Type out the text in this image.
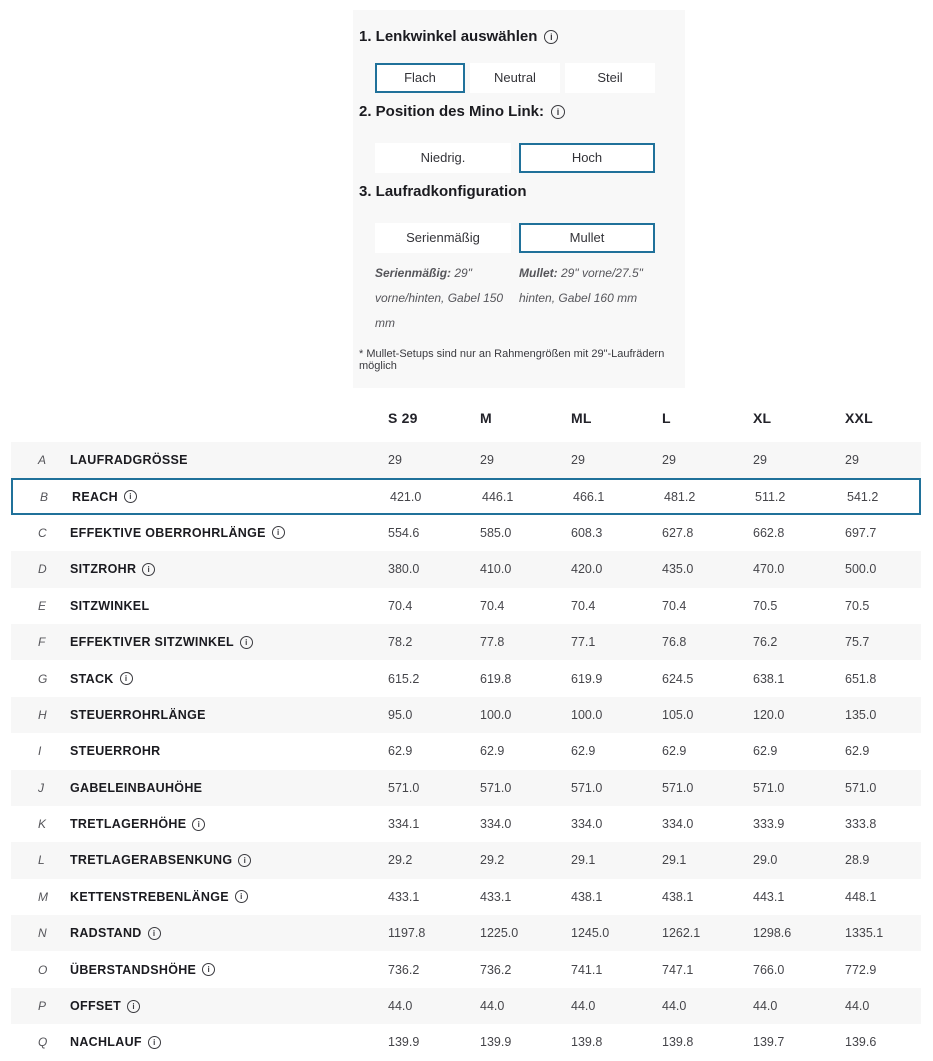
1. Lenkwinkel auswählen	i
Flach	Neutral	Steil
2. Position des Mino Link:	i
Niedrig.	Hoch
3. Laufradkonfiguration
Serienmäßig	Mullet
Serienmäßig: 29" vorne/hinten, Gabel 150 mm
Mullet: 29" vorne/27.5" hinten, Gabel 160 mm
* Mullet-Setups sind nur an Rahmengrößen mit 29"-Laufrädern möglich
S 29	M	ML	L	XL	XXL
A LAUFRADGRÖSSE	29	29	29	29	29	29
B REACH	i	421.0	446.1	466.1	481.2	511.2	541.2
C EFFEKTIVE OBERROHRLÄNGE	i	554.6	585.0	608.3	627.8	662.8	697.7
D SITZROHR	i	380.0	410.0	420.0	435.0	470.0	500.0
E SITZWINKEL	70.4	70.4	70.4	70.4	70.5	70.5
F EFFEKTIVER SITZWINKEL	i	78.2	77.8	77.1	76.8	76.2	75.7
G STACK	i	615.2	619.8	619.9	624.5	638.1	651.8
H STEUERROHRLÄNGE	95.0	100.0	100.0	105.0	120.0	135.0
I STEUERROHR	62.9	62.9	62.9	62.9	62.9	62.9
J GABELEINBAUHÖHE	571.0	571.0	571.0	571.0	571.0	571.0
K TRETLAGERHÖHE	i	334.1	334.0	334.0	334.0	333.9	333.8
L TRETLAGERABSENKUNG	i	29.2	29.2	29.1	29.1	29.0	28.9
M KETTENSTREBENLÄNGE	i	433.1	433.1	438.1	438.1	443.1	448.1
N RADSTAND	i	1197.8	1225.0	1245.0	1262.1	1298.6	1335.1
O ÜBERSTANDSHÖHE	i	736.2	736.2	741.1	747.1	766.0	772.9
P OFFSET	i	44.0	44.0	44.0	44.0	44.0	44.0
Q NACHLAUF	i	139.9	139.9	139.8	139.8	139.7	139.6
